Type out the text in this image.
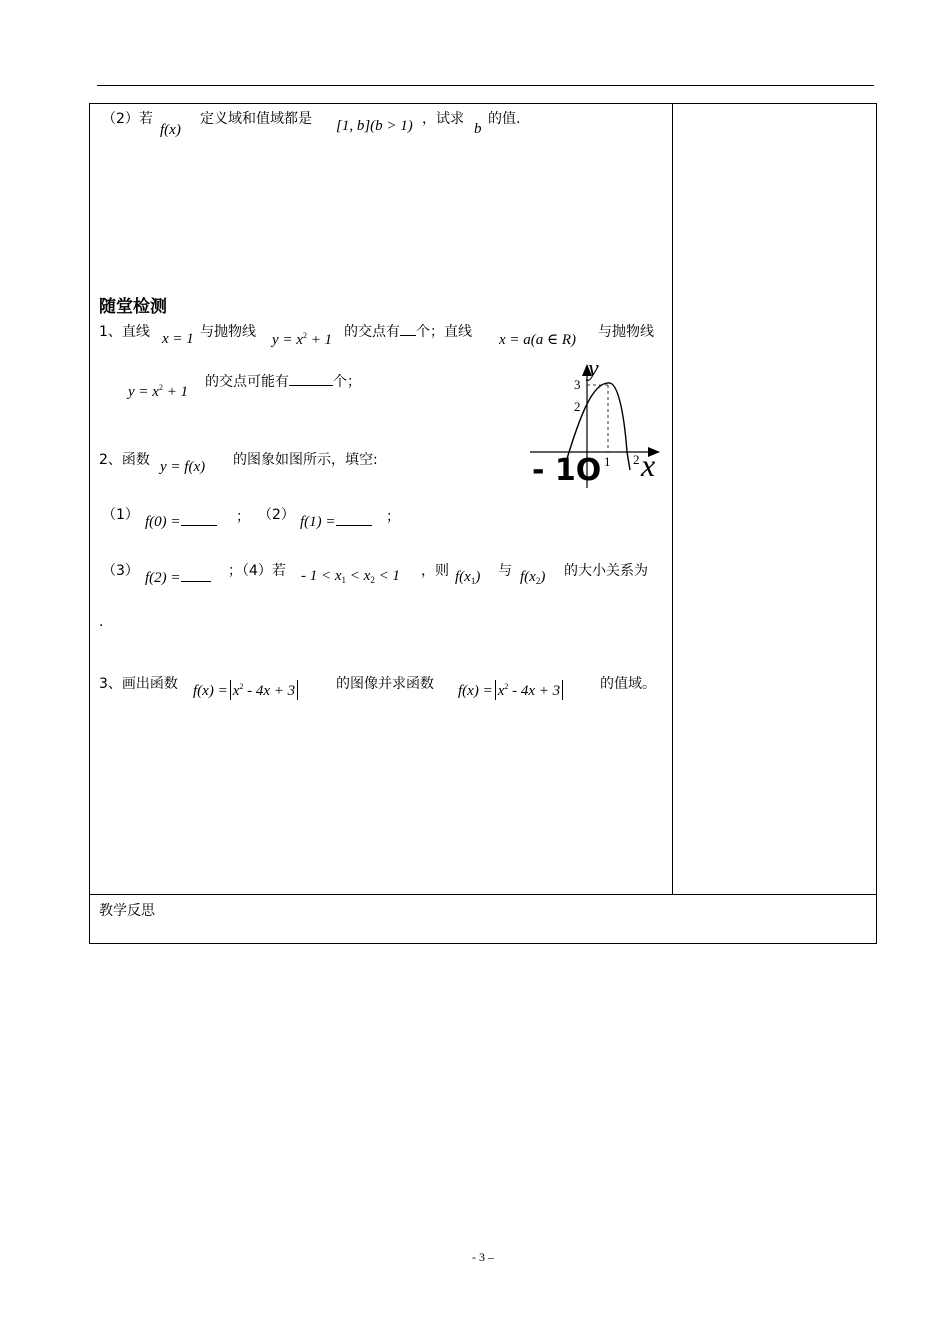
（2）若
f(x)
定义域和值域都是 [1, b](b > 1) ，试求
b
的值.
随堂检测
1、直线 x = 1 与抛物线 $y = x^2 + 1$ 的交点有 个；直线 x = a(a ∈ R) 与抛物线
$y = x^2 + 1$
的交点可能有	个；	y
x
- 1O
3
2
1 2
2、函数 y = f(x) 的图象如图所示，填空:
（1） f(0) =	； （2） f(1) =	；
（3） f(2) =	；（4）若 - $1 < x_1 < x_2 < 1$ ，则 $f(x_1)$ 与 $f(x_2)$ 的大小关系为
.
3、画出函数 $f(x) = x^2 - 4x + 3$	的图像并求函数 $f(x) = x^2 - 4x + 3$	的值域。
教学反思
- 3 –
